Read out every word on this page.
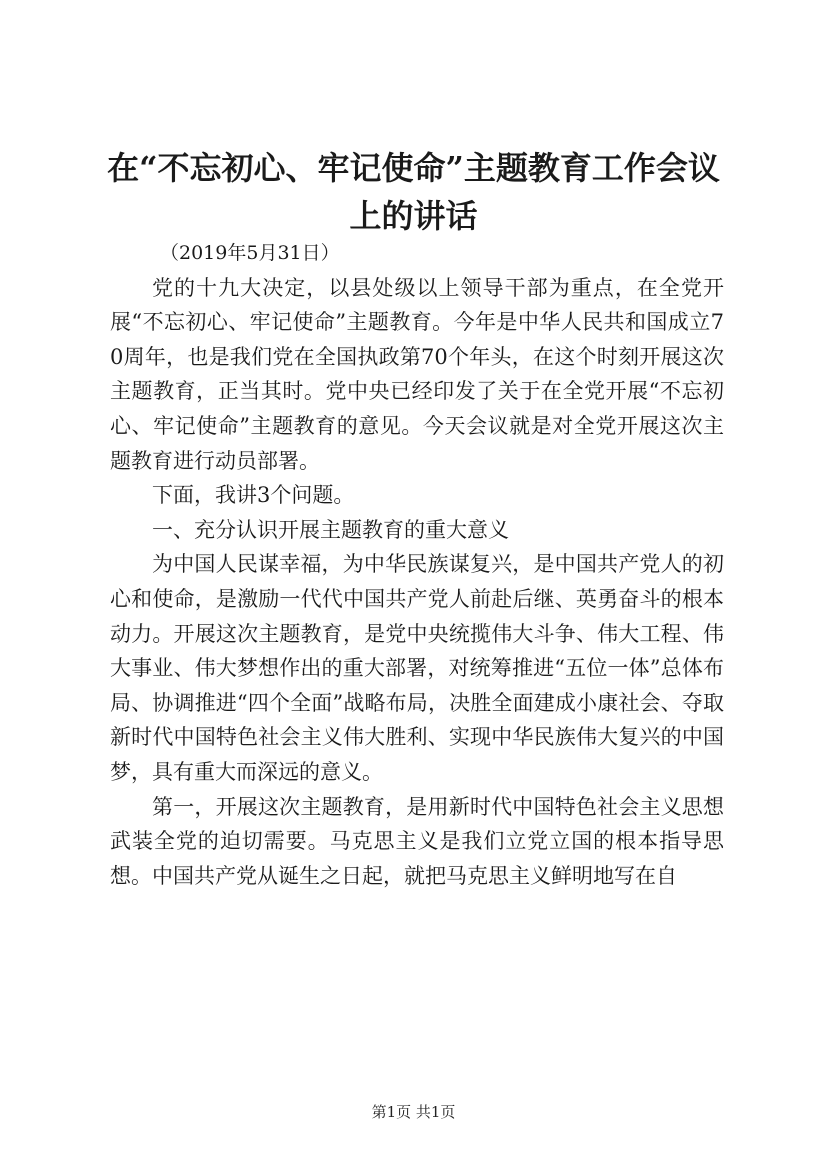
在“不忘初心、牢记使命”主题教育工作会议上的讲话

（2019年5月31日）

党的十九大决定，以县处级以上领导干部为重点，在全党开展“不忘初心、牢记使命”主题教育。今年是中华人民共和国成立70周年，也是我们党在全国执政第70个年头，在这个时刻开展这次主题教育，正当其时。党中央已经印发了关于在全党开展“不忘初心、牢记使命”主题教育的意见。今天会议就是对全党开展这次主题教育进行动员部署。

下面，我讲3个问题。

一、充分认识开展主题教育的重大意义

为中国人民谋幸福，为中华民族谋复兴，是中国共产党人的初心和使命，是激励一代代中国共产党人前赴后继、英勇奋斗的根本动力。开展这次主题教育，是党中央统揽伟大斗争、伟大工程、伟大事业、伟大梦想作出的重大部署，对统筹推进“五位一体”总体布局、协调推进“四个全面”战略布局，决胜全面建成小康社会、夺取新时代中国特色社会主义伟大胜利、实现中华民族伟大复兴的中国梦，具有重大而深远的意义。

第一，开展这次主题教育，是用新时代中国特色社会主义思想武装全党的迫切需要。马克思主义是我们立党立国的根本指导思想。中国共产党从诞生之日起，就把马克思主义鲜明地写在自

第1页 共1页
